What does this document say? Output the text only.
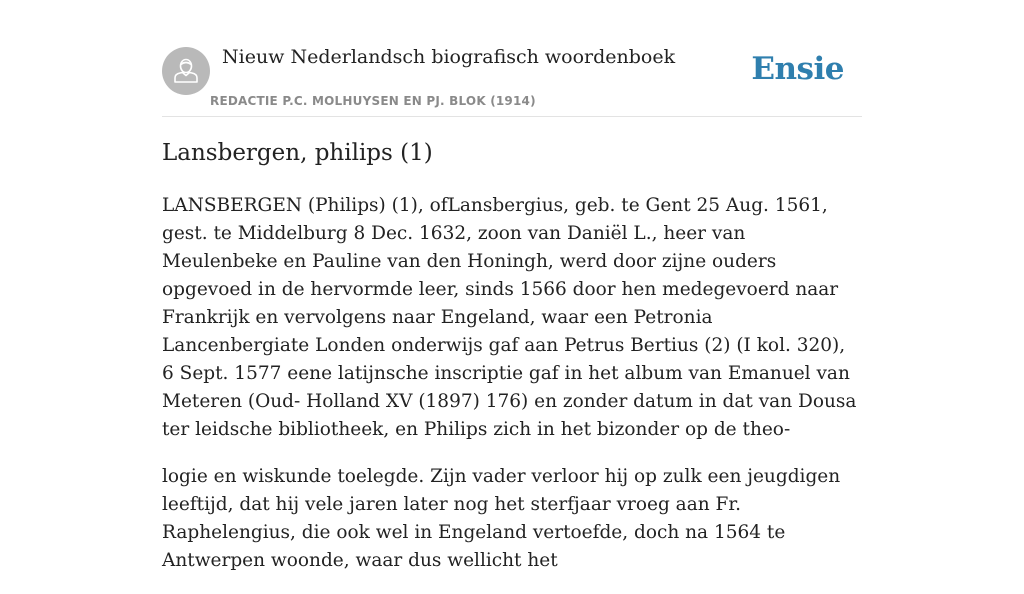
Nieuw Nederlandsch biografisch woordenboek
REDACTIE P.C. MOLHUYSEN EN PJ. BLOK (1914)
Ensie
Lansbergen, philips (1)

LANSBERGEN (Philips) (1), ofLansbergius, geb. te Gent 25 Aug. 1561, gest. te Middelburg 8 Dec. 1632, zoon van Daniël L., heer van Meulenbeke en Pauline van den Honingh, werd door zijne ouders opgevoed in de hervormde leer, sinds 1566 door hen medegevoerd naar Frankrijk en vervolgens naar Engeland, waar een Petronia Lancenbergiate Londen onderwijs gaf aan Petrus Bertius (2) (I kol. 320), 6 Sept. 1577 eene latijnsche inscriptie gaf in het album van Emanuel van Meteren (Oud- Holland XV (1897) 176) en zonder datum in dat van Dousa ter leidsche bibliotheek, en Philips zich in het bizonder op de theo-

logie en wiskunde toelegde. Zijn vader verloor hij op zulk een jeugdigen leeftijd, dat hij vele jaren later nog het sterfjaar vroeg aan Fr. Raphelengius, die ook wel in Engeland vertoefde, doch na 1564 te Antwerpen woonde, waar dus wellicht het
